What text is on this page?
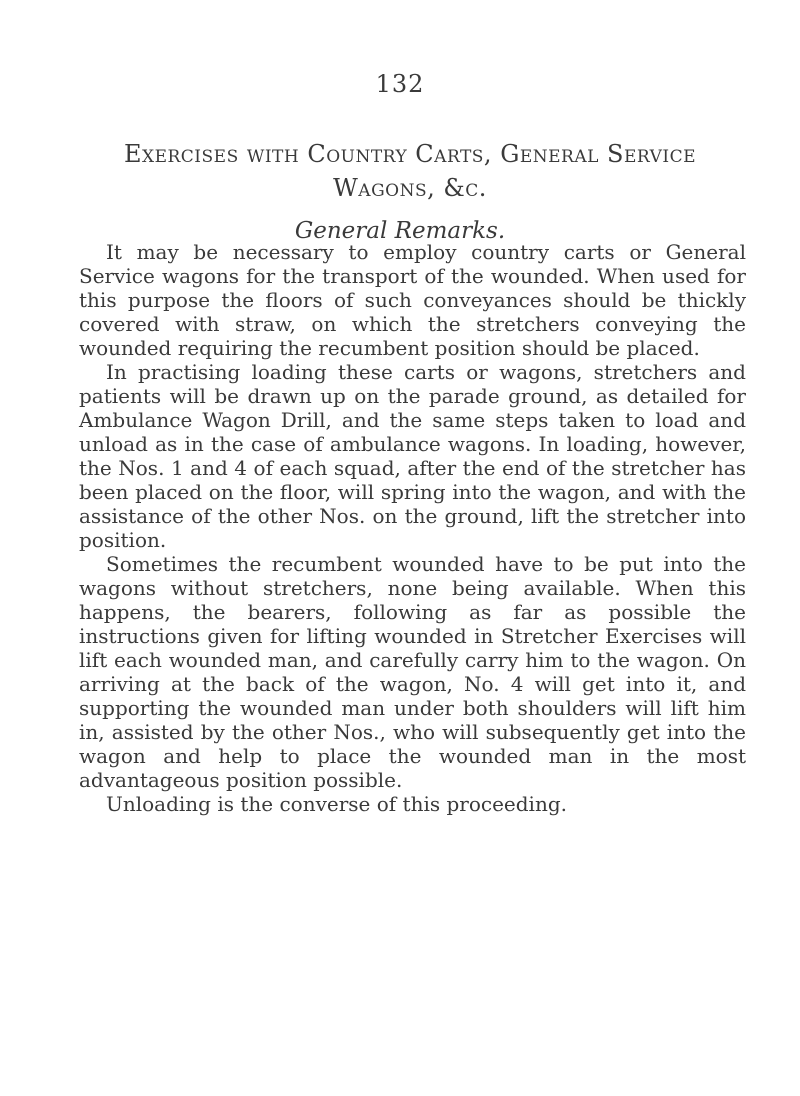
132
Exercises with Country Carts, General Service Wagons, &c.
General Remarks.

It may be necessary to employ country carts or General Service wagons for the transport of the wounded. When used for this purpose the floors of such conveyances should be thickly covered with straw, on which the stretchers conveying the wounded requiring the recumbent position should be placed.

In practising loading these carts or wagons, stretchers and patients will be drawn up on the parade ground, as detailed for Ambulance Wagon Drill, and the same steps taken to load and unload as in the case of ambulance wagons. In loading, however, the Nos. 1 and 4 of each squad, after the end of the stretcher has been placed on the floor, will spring into the wagon, and with the assistance of the other Nos. on the ground, lift the stretcher into position.

Sometimes the recumbent wounded have to be put into the wagons without stretchers, none being available. When this happens, the bearers, following as far as possible the instructions given for lifting wounded in Stretcher Exercises will lift each wounded man, and carefully carry him to the wagon. On arriving at the back of the wagon, No. 4 will get into it, and supporting the wounded man under both shoulders will lift him in, assisted by the other Nos., who will subsequently get into the wagon and help to place the wounded man in the most advantageous position possible.

Unloading is the converse of this proceeding.
